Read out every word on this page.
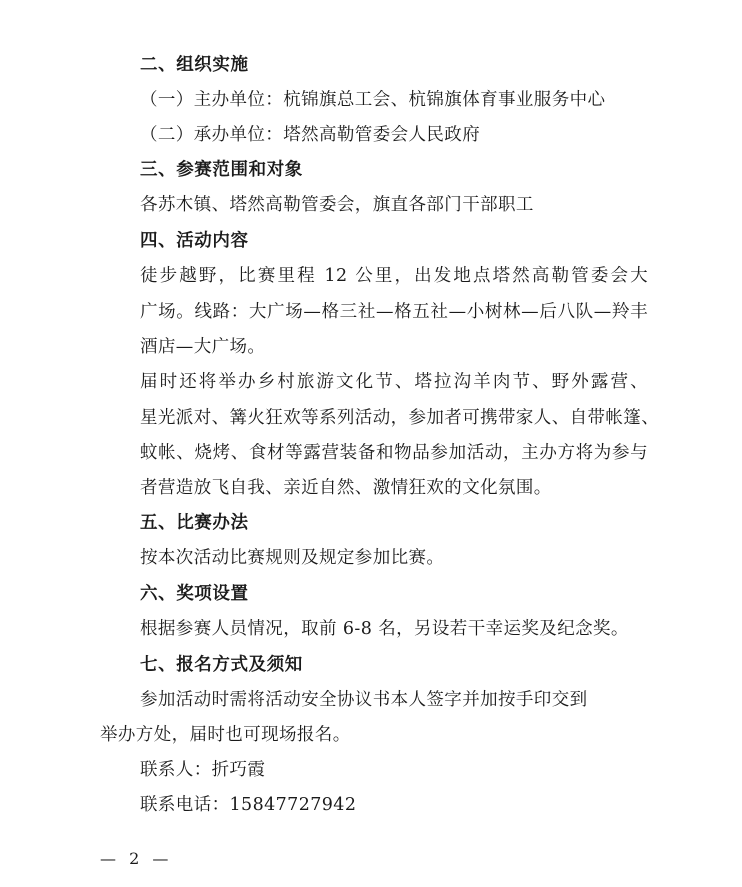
二、组织实施
（一）主办单位：杭锦旗总工会、杭锦旗体育事业服务中心
（二）承办单位：塔然高勒管委会人民政府
三、参赛范围和对象
各苏木镇、塔然高勒管委会，旗直各部门干部职工
四、活动内容
徒步越野，比赛里程 12 公里，出发地点塔然高勒管委会大
广场。线路：大广场—格三社—格五社—小树林—后八队—羚丰
酒店—大广场。
届时还将举办乡村旅游文化节、塔拉沟羊肉节、野外露营、
星光派对、篝火狂欢等系列活动，参加者可携带家人、自带帐篷、
蚊帐、烧烤、食材等露营装备和物品参加活动，主办方将为参与
者营造放飞自我、亲近自然、激情狂欢的文化氛围。
五、比赛办法
按本次活动比赛规则及规定参加比赛。
六、奖项设置
根据参赛人员情况，取前 6-8 名，另设若干幸运奖及纪念奖。
七、报名方式及须知
参加活动时需将活动安全协议书本人签字并加按手印交到
举办方处，届时也可现场报名。
联系人：折巧霞
联系电话：15847727942
— 2 —
